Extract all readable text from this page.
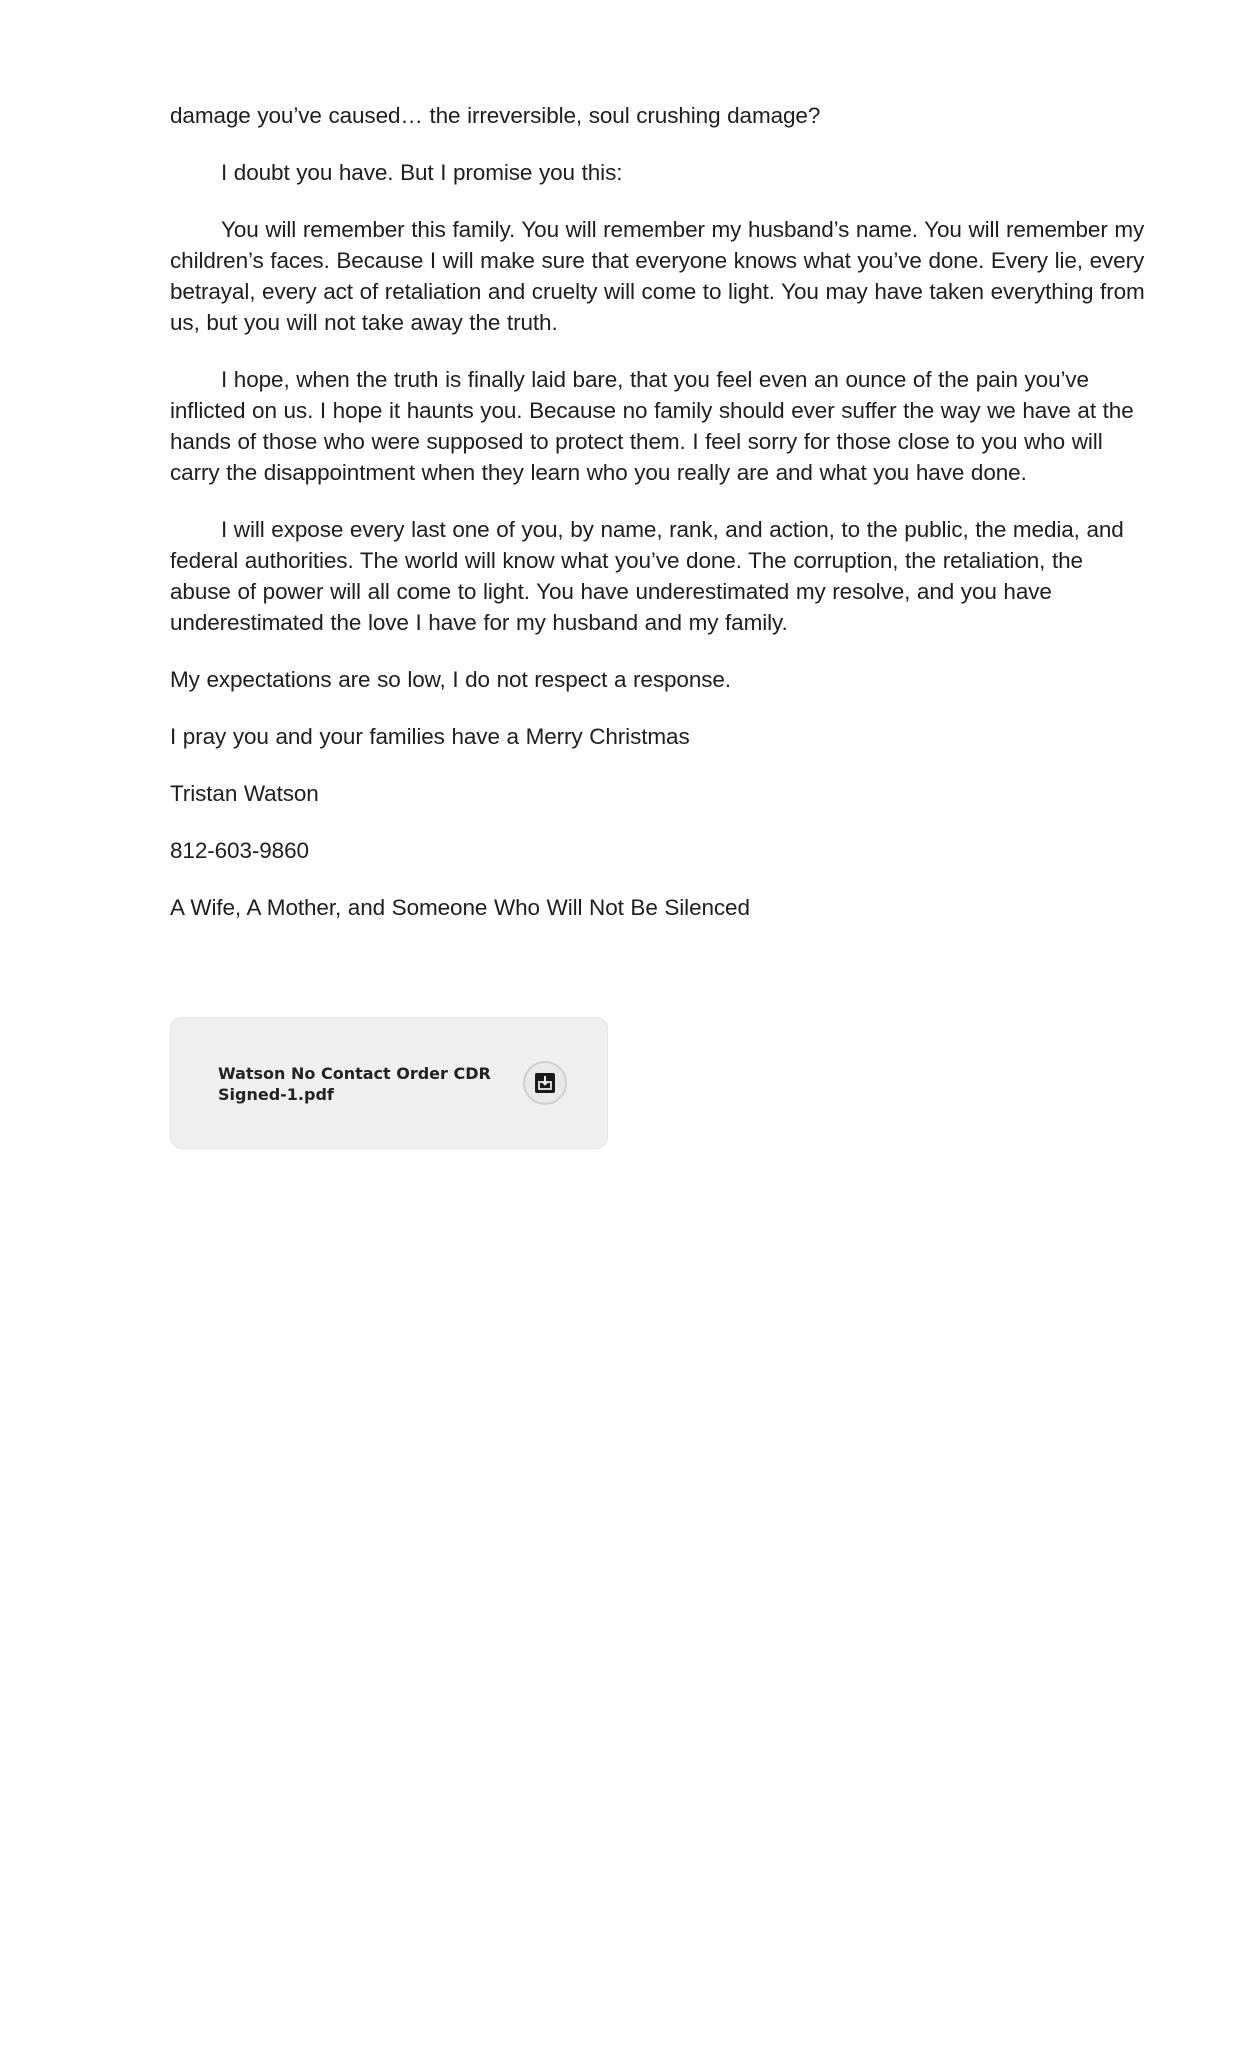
damage you’ve caused… the irreversible, soul crushing damage?

I doubt you have. But I promise you this:

You will remember this family. You will remember my husband’s name. You will remember my children’s faces. Because I will make sure that everyone knows what you’ve done. Every lie, every betrayal, every act of retaliation and cruelty will come to light. You may have taken everything from us, but you will not take away the truth.

I hope, when the truth is finally laid bare, that you feel even an ounce of the pain you’ve inflicted on us. I hope it haunts you. Because no family should ever suffer the way we have at the hands of those who were supposed to protect them. I feel sorry for those close to you who will carry the disappointment when they learn who you really are and what you have done.

I will expose every last one of you, by name, rank, and action, to the public, the media, and federal authorities. The world will know what you’ve done. The corruption, the retaliation, the abuse of power will all come to light. You have underestimated my resolve, and you have underestimated the love I have for my husband and my family.

My expectations are so low, I do not respect a response.

I pray you and your families have a Merry Christmas

Tristan Watson

812-603-9860

A Wife, A Mother, and Someone Who Will Not Be Silenced

Watson No Contact Order CDR
Signed-1.pdf
